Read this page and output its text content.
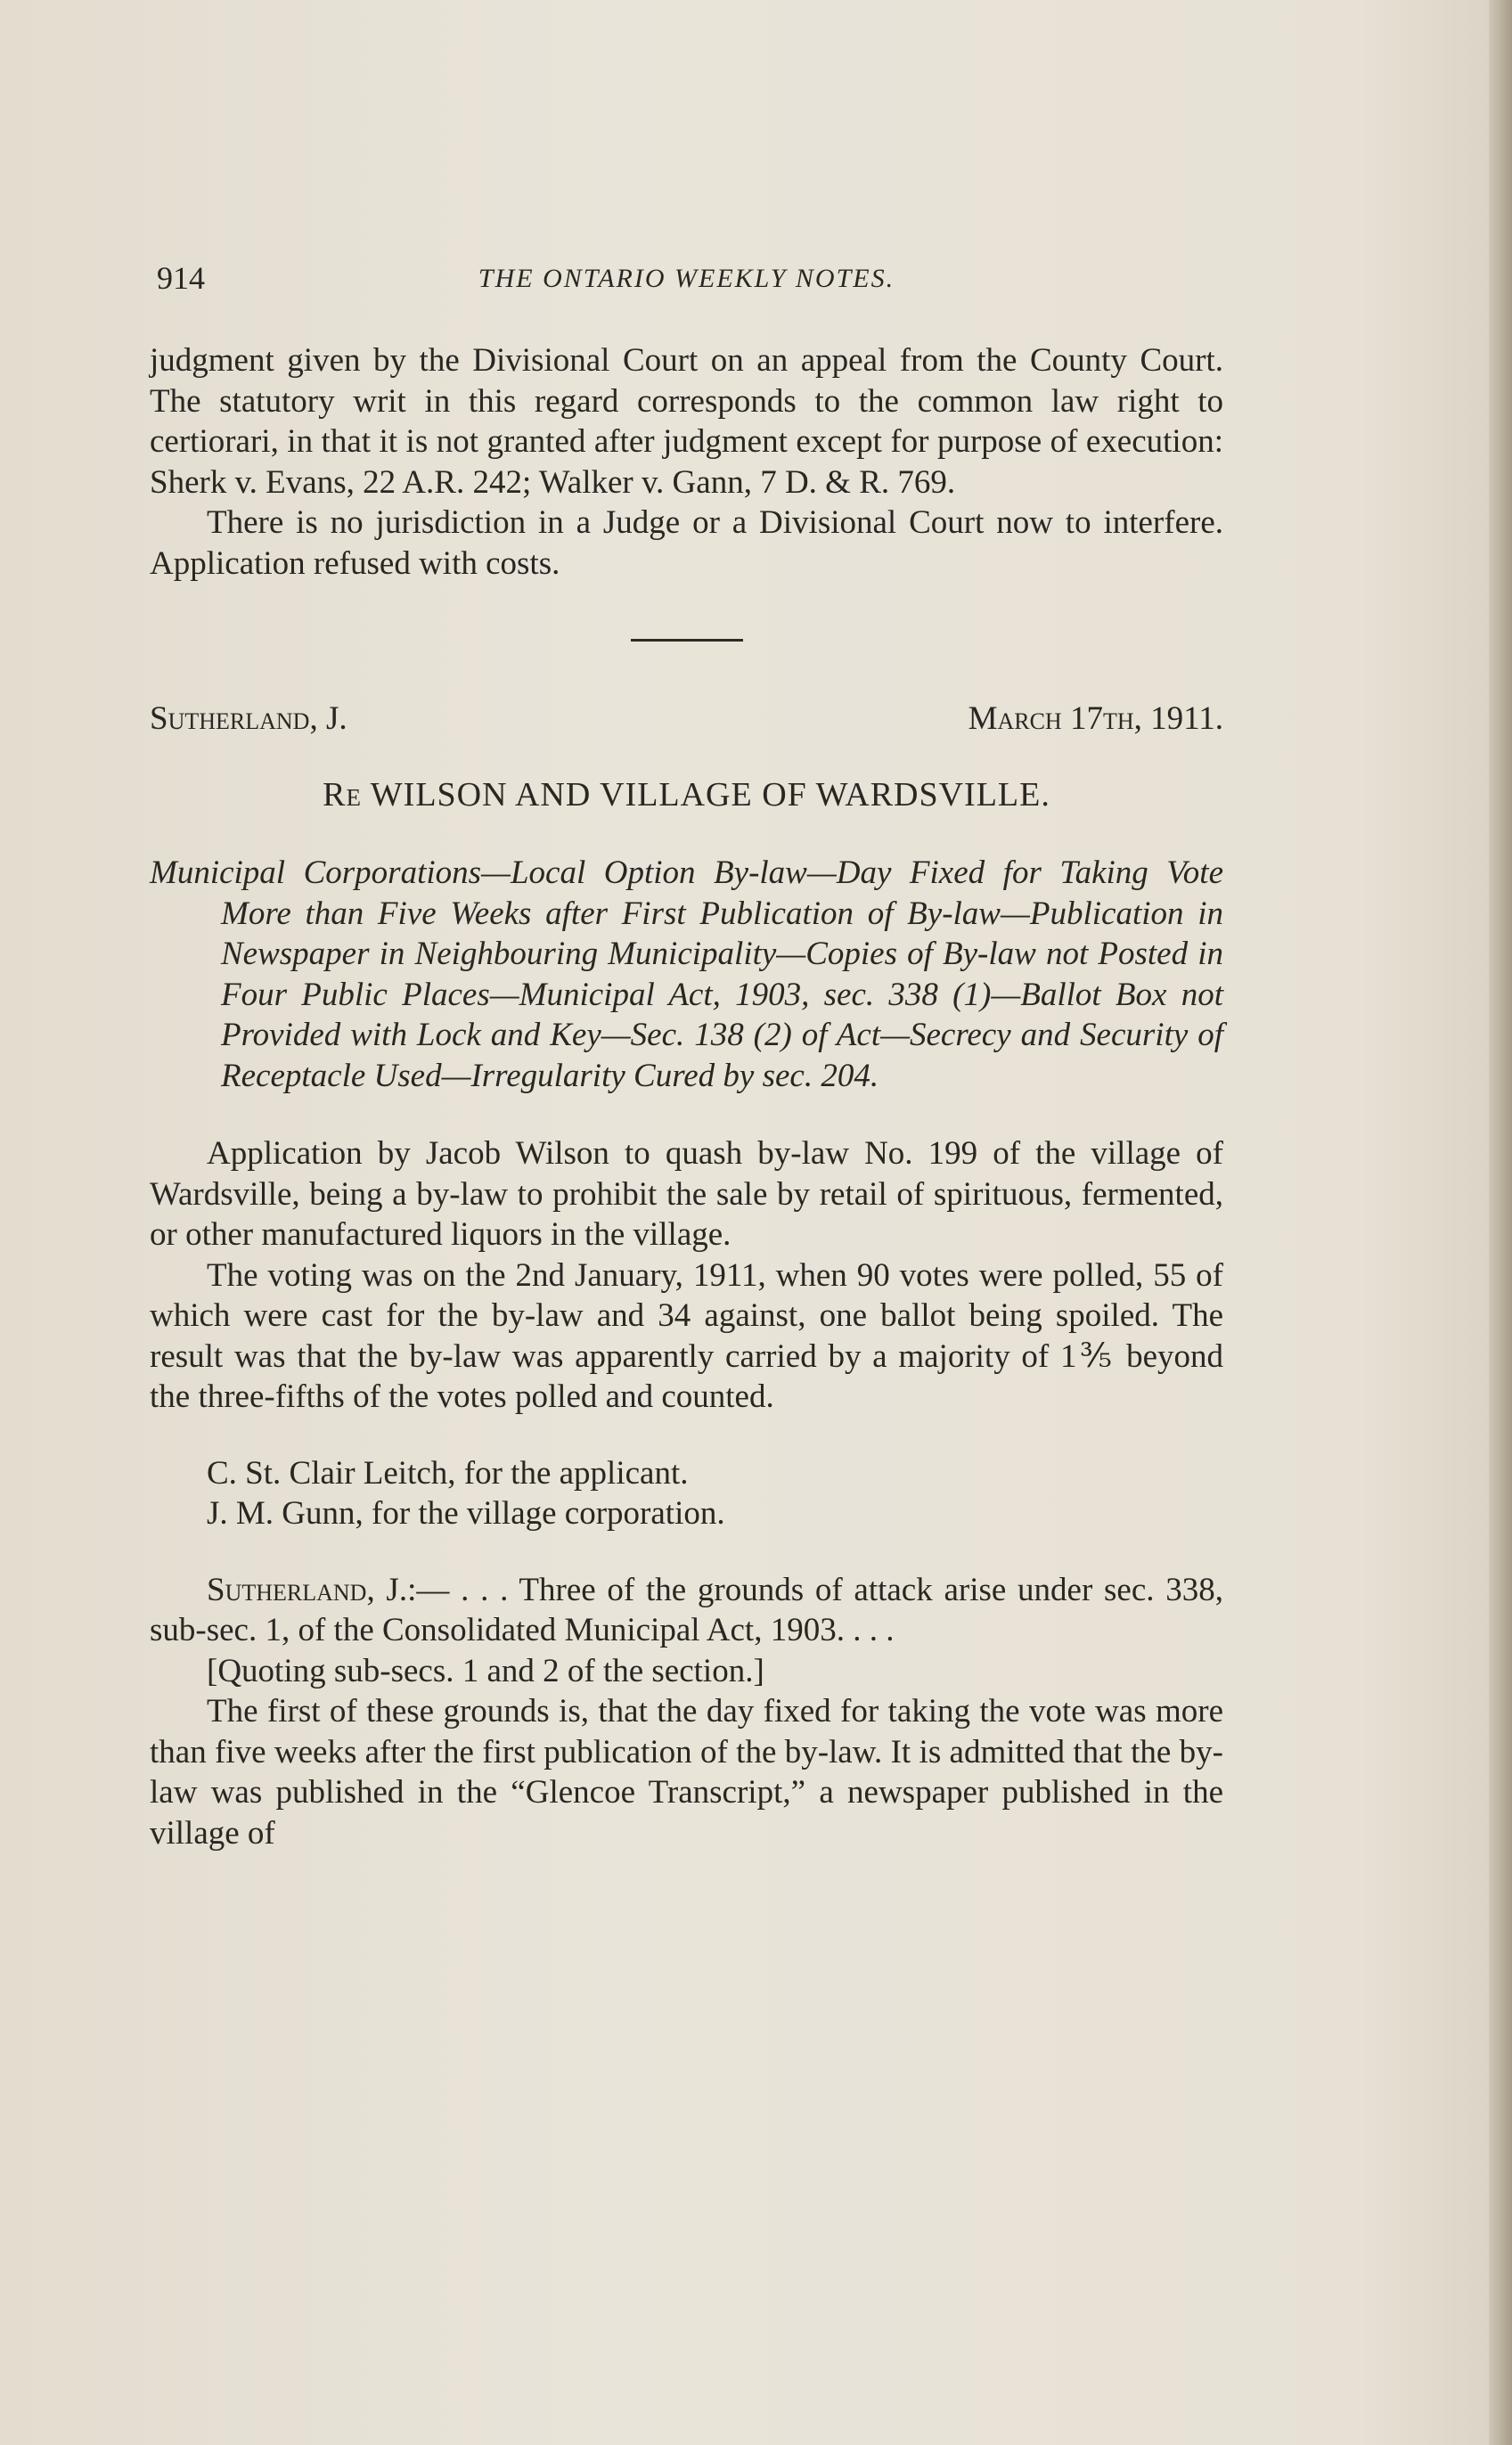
914	THE ONTARIO WEEKLY NOTES.

judgment given by the Divisional Court on an appeal from the County Court. The statutory writ in this regard corresponds to the common law right to certiorari, in that it is not granted after judgment except for purpose of execution: Sherk v. Evans, 22 A.R. 242; Walker v. Gann, 7 D. & R. 769.

There is no jurisdiction in a Judge or a Divisional Court now to interfere. Application refused with costs.

Sutherland, J.	March 17th, 1911.
Re WILSON AND VILLAGE OF WARDSVILLE.

Municipal Corporations—Local Option By-law—Day Fixed for Taking Vote More than Five Weeks after First Publication of By-law—Publication in Newspaper in Neighbouring Municipality—Copies of By-law not Posted in Four Public Places—Municipal Act, 1903, sec. 338 (1)—Ballot Box not Provided with Lock and Key—Sec. 138 (2) of Act—Secrecy and Security of Receptacle Used—Irregularity Cured by sec. 204.

Application by Jacob Wilson to quash by-law No. 199 of the village of Wardsville, being a by-law to prohibit the sale by retail of spirituous, fermented, or other manufactured liquors in the village.

The voting was on the 2nd January, 1911, when 90 votes were polled, 55 of which were cast for the by-law and 34 against, one ballot being spoiled. The result was that the by-law was apparently carried by a majority of 1⅗ beyond the three-fifths of the votes polled and counted.

C. St. Clair Leitch, for the applicant.

J. M. Gunn, for the village corporation.

Sutherland, J.:— . . . Three of the grounds of attack arise under sec. 338, sub-sec. 1, of the Consolidated Municipal Act, 1903. . . .

[Quoting sub-secs. 1 and 2 of the section.]

The first of these grounds is, that the day fixed for taking the vote was more than five weeks after the first publication of the by-law. It is admitted that the by-law was published in the “Glencoe Transcript,” a newspaper published in the village of
